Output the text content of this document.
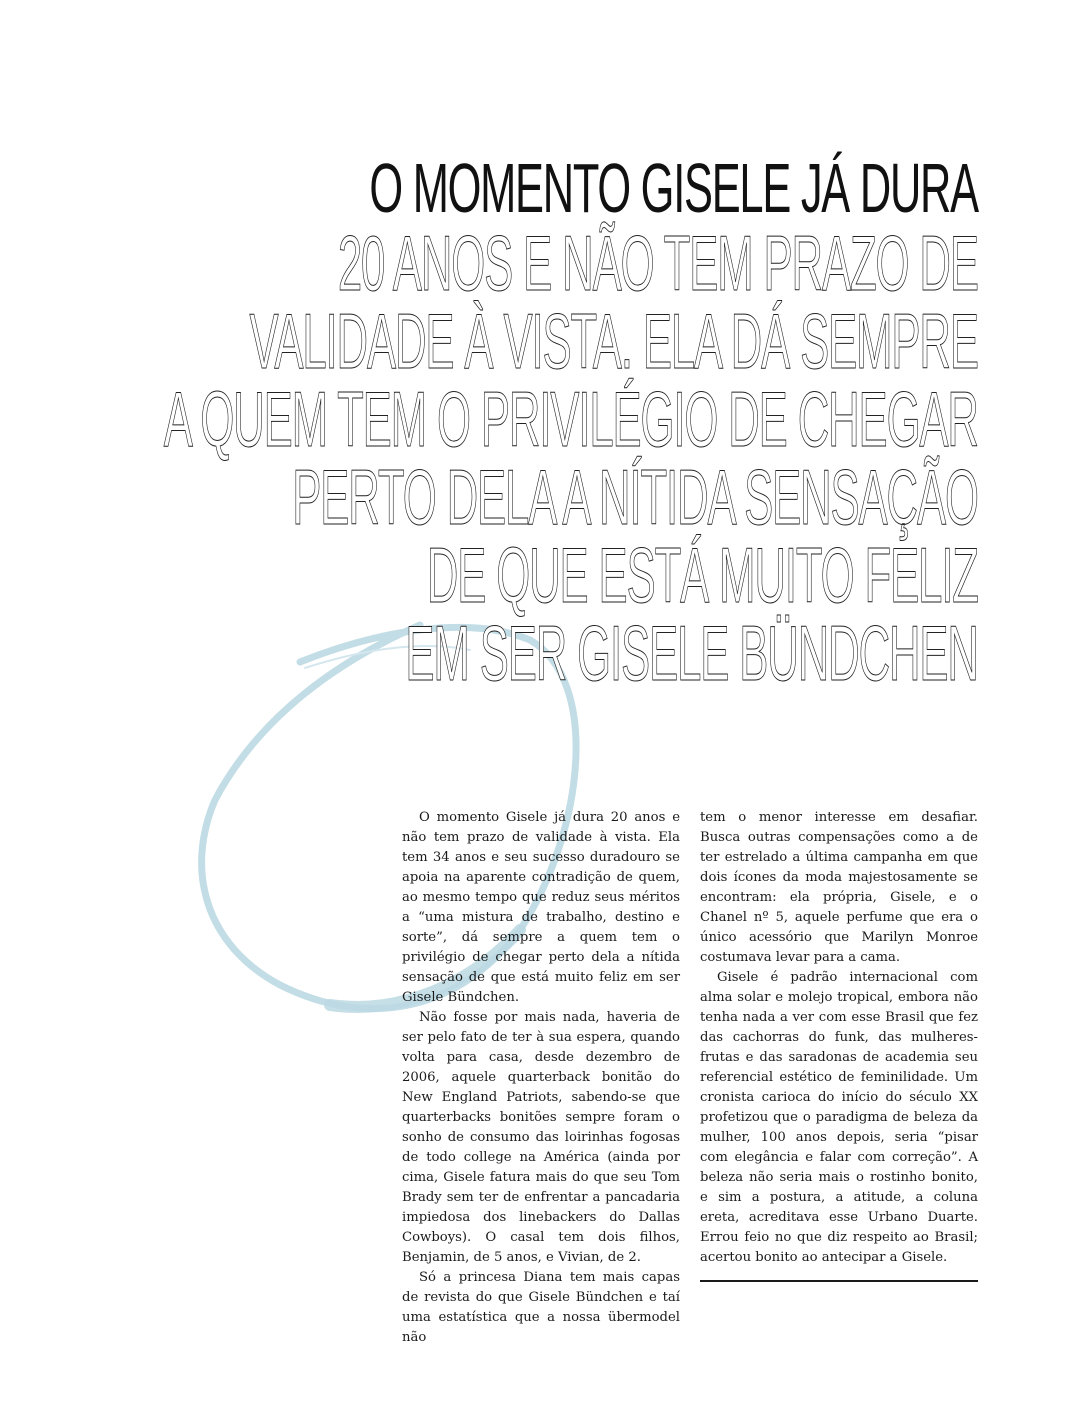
O MOMENTO GISELE JÁ DURA
20 ANOS E NÃO TEM PRAZO DE
VALIDADE À VISTA. ELA DÁ SEMPRE
A QUEM TEM O PRIVILÉGIO DE CHEGAR
PERTO DELA A NÍTIDA SENSAÇÃO
DE QUE ESTÁ MUITO FELIZ
EM SER GISELE BÜNDCHEN

O momento Gisele já dura 20 anos e não tem prazo de validade à vista. Ela tem 34 anos e seu sucesso duradouro se apoia na aparente contradição de quem, ao mesmo tempo que reduz seus méritos a “uma mistura de trabalho, destino e sorte”, dá sempre a quem tem o privilégio de chegar perto dela a nítida sensação de que está muito feliz em ser Gisele Bündchen.

Não fosse por mais nada, haveria de ser pelo fato de ter à sua espera, quando volta para casa, desde dezembro de 2006, aquele quarterback bonitão do New England Patriots, sabendo-se que quarterbacks bonitões sempre foram o sonho de consumo das loirinhas fogosas de todo college na América (ainda por cima, Gisele fatura mais do que seu Tom Brady sem ter de enfrentar a pancadaria impiedosa dos linebackers do Dallas Cowboys). O casal tem dois filhos, Benjamin, de 5 anos, e Vivian, de 2.

Só a princesa Diana tem mais capas de revista do que Gisele Bündchen e taí uma estatística que a nossa übermodel não

tem o menor interesse em desafiar. Busca outras compensações como a de ter estrelado a última campanha em que dois ícones da moda majestosamente se encontram: ela própria, Gisele, e o Chanel nº 5, aquele perfume que era o único acessório que Marilyn Monroe costumava levar para a cama.

Gisele é padrão internacional com alma solar e molejo tropical, embora não tenha nada a ver com esse Brasil que fez das cachorras do funk, das mulheres-frutas e das saradonas de academia seu referencial estético de feminilidade. Um cronista carioca do início do século XX profetizou que o paradigma de beleza da mulher, 100 anos depois, seria “pisar com elegância e falar com correção”. A beleza não seria mais o rostinho bonito, e sim a postura, a atitude, a coluna ereta, acreditava esse Urbano Duarte. Errou feio no que diz respeito ao Brasil; acertou bonito ao antecipar a Gisele.
